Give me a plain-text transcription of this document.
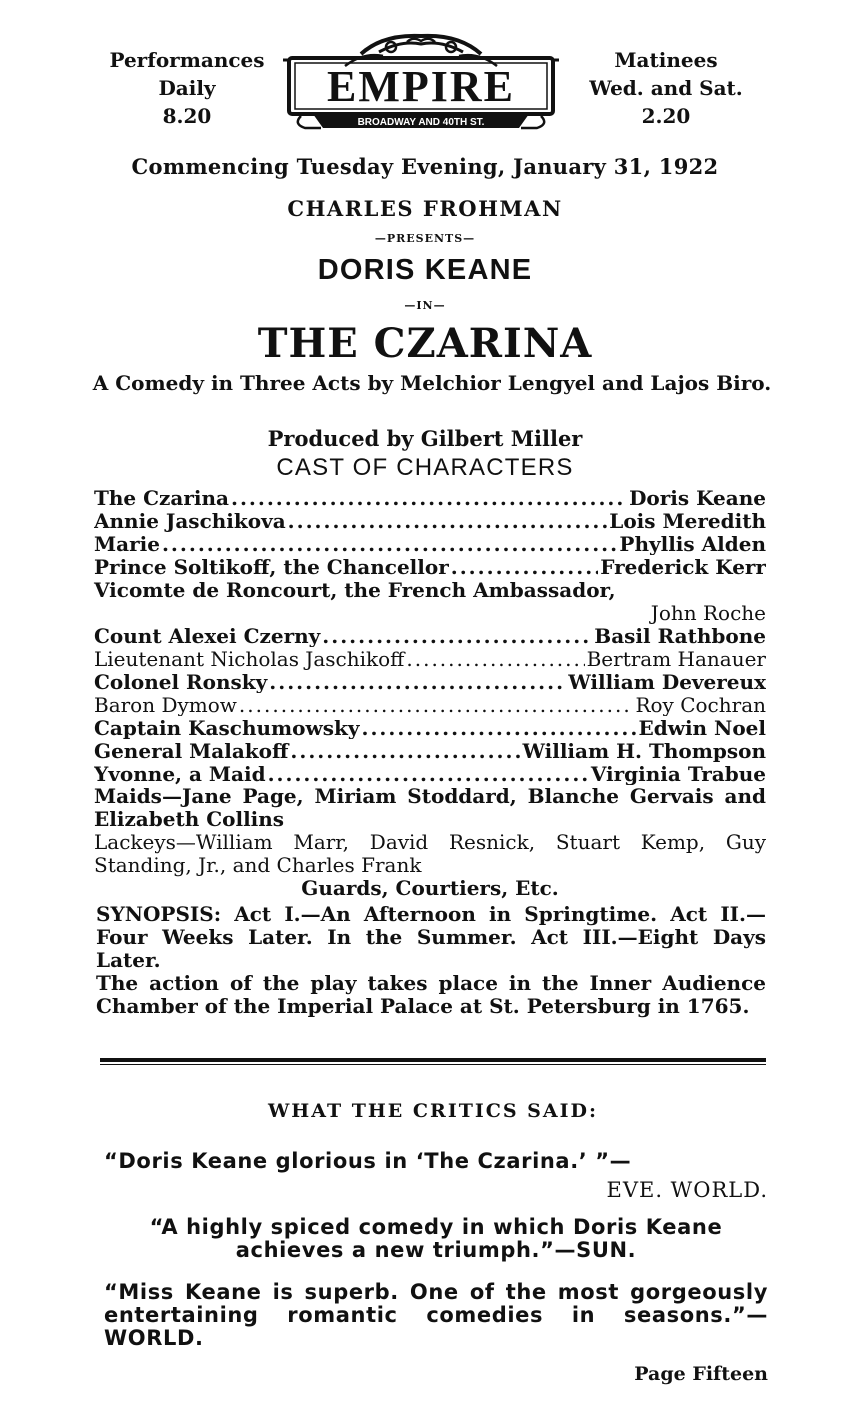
Performances
Daily
8.20
EMPIRE
BROADWAY AND 40TH ST.
Matinees
Wed. and Sat.
2.20
Commencing Tuesday Evening, January 31, 1922
CHARLES FROHMAN
—PRESENTS—
DORIS KEANE
—IN—
THE CZARINA
A Comedy in Three Acts by Melchior Lengyel and Lajos Biro.
Produced by Gilbert Miller
CAST OF CHARACTERS
The Czarina .....	Doris Keane
Annie Jaschikova .....	Lois Meredith
Marie .....	Phyllis Alden
Prince Soltikoff, the Chancellor .....	Frederick Kerr
Vicomte de Roncourt, the French Ambassador,
John Roche
Count Alexei Czerny .....	Basil Rathbone
Lieutenant Nicholas Jaschikoff .....	Bertram Hanauer
Colonel Ronsky .....	William Devereux
Baron Dymow .....	Roy Cochran
Captain Kaschumowsky .....	Edwin Noel
General Malakoff .....	William H. Thompson
Yvonne, a Maid .....	Virginia Trabue
Maids—Jane Page, Miriam Stoddard, Blanche Gervais and Elizabeth Collins
Lackeys—William Marr, David Resnick, Stuart Kemp, Guy Standing, Jr., and Charles Frank
Guards, Courtiers, Etc.

SYNOPSIS: Act I.—An Afternoon in Springtime. Act II.—Four Weeks Later. In the Summer. Act III.—Eight Days Later.

The action of the play takes place in the Inner Audience Chamber of the Imperial Palace at St. Petersburg in 1765.

WHAT THE CRITICS SAID:
“Doris Keane glorious in ‘The Czarina.’ ”—
EVE. WORLD.
“A highly spiced comedy in which Doris Keane achieves a new triumph.”—SUN.
“Miss Keane is superb. One of the most gorgeously entertaining romantic comedies in seasons.”—WORLD.
Page Fifteen
